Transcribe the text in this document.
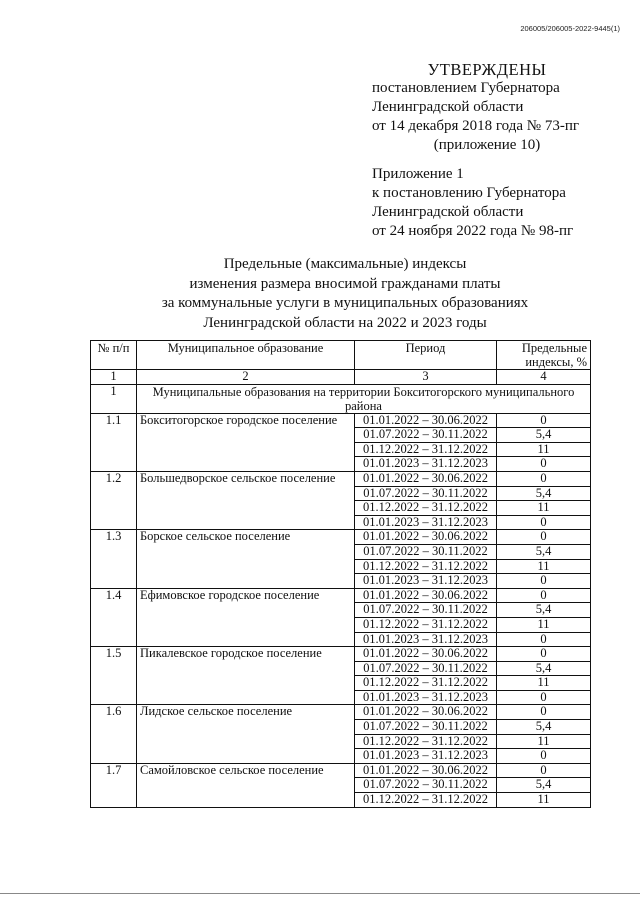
206005/206005-2022-9445(1)
УТВЕРЖДЕНЫ
постановлением Губернатора
Ленинградской области
от 14 декабря 2018 года № 73-пг
(приложение 10)
Приложение 1
к постановлению Губернатора
Ленинградской области
от 24 ноября 2022 года № 98-пг
Предельные (максимальные) индексы
изменения размера вносимой гражданами платы
за коммунальные услуги в муниципальных образованиях
Ленинградской области на 2022 и 2023 годы
№ п/п	Муниципальное образование	Период	Предельные индексы, %
1	2	3	4
1	Муниципальные образования на территории Бокситогорского муниципального района		
1.1	Бокситогорское городское поселение	01.01.2022 – 30.06.2022	0
		01.07.2022 – 30.11.2022	5,4
		01.12.2022 – 31.12.2022	11
		01.01.2023 – 31.12.2023	0
1.2	Большедворское сельское поселение	01.01.2022 – 30.06.2022	0
		01.07.2022 – 30.11.2022	5,4
		01.12.2022 – 31.12.2022	11
		01.01.2023 – 31.12.2023	0
1.3	Борское сельское поселение	01.01.2022 – 30.06.2022	0
		01.07.2022 – 30.11.2022	5,4
		01.12.2022 – 31.12.2022	11
		01.01.2023 – 31.12.2023	0
1.4	Ефимовское городское поселение	01.01.2022 – 30.06.2022	0
		01.07.2022 – 30.11.2022	5,4
		01.12.2022 – 31.12.2022	11
		01.01.2023 – 31.12.2023	0
1.5	Пикалевское городское поселение	01.01.2022 – 30.06.2022	0
		01.07.2022 – 30.11.2022	5,4
		01.12.2022 – 31.12.2022	11
		01.01.2023 – 31.12.2023	0
1.6	Лидское сельское поселение	01.01.2022 – 30.06.2022	0
		01.07.2022 – 30.11.2022	5,4
		01.12.2022 – 31.12.2022	11
		01.01.2023 – 31.12.2023	0
1.7	Самойловское сельское поселение	01.01.2022 – 30.06.2022	0
		01.07.2022 – 30.11.2022	5,4
		01.12.2022 – 31.12.2022	11
